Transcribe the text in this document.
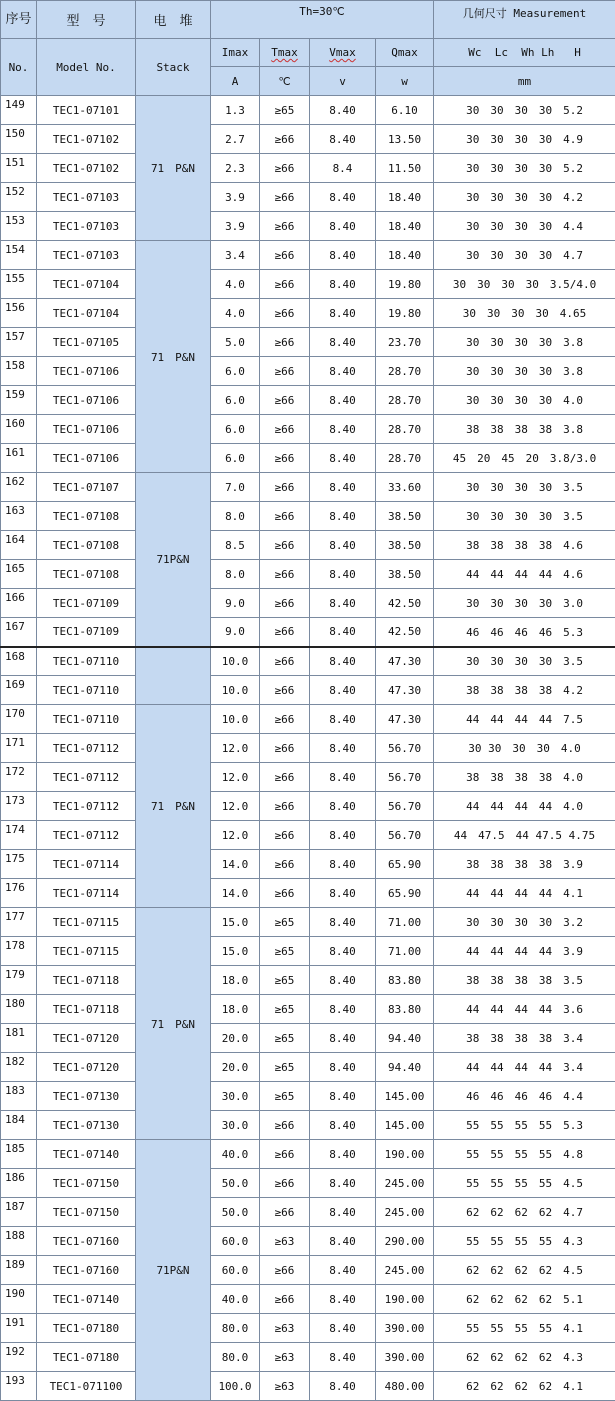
序号	型　号	电　堆	Th=30℃				几何尺寸 Measurement
No.	Model No.	Stack	Imax	Tmax	Vmax	Qmax	Wc  Lc  Wh Lh   H
			A	℃	v	w	mm
149	TEC1-07101	71　P&N	1.3	≥65	8.40	6.10	30　30　30　30　5.2
150	TEC1-07102		2.7	≥66	8.40	13.50	30　30　30　30　4.9
151	TEC1-07102		2.3	≥66	8.4	11.50	30　30　30　30　5.2
152	TEC1-07103		3.9	≥66	8.40	18.40	30　30　30　30　4.2
153	TEC1-07103		3.9	≥66	8.40	18.40	30　30　30　30　4.4
154	TEC1-07103	71　P&N	3.4	≥66	8.40	18.40	30　30　30　30　4.7
155	TEC1-07104		4.0	≥66	8.40	19.80	30　30　30　30　3.5/4.0
156	TEC1-07104		4.0	≥66	8.40	19.80	30　30　30　30　4.65
157	TEC1-07105		5.0	≥66	8.40	23.70	30　30　30　30　3.8
158	TEC1-07106		6.0	≥66	8.40	28.70	30　30　30　30　3.8
159	TEC1-07106		6.0	≥66	8.40	28.70	30　30　30　30　4.0
160	TEC1-07106		6.0	≥66	8.40	28.70	38　38　38　38　3.8
161	TEC1-07106		6.0	≥66	8.40	28.70	45　20　45　20　3.8/3.0
162	TEC1-07107	71P&N	7.0	≥66	8.40	33.60	30　30　30　30　3.5
163	TEC1-07108		8.0	≥66	8.40	38.50	30　30　30　30　3.5
164	TEC1-07108		8.5	≥66	8.40	38.50	38　38　38　38　4.6
165	TEC1-07108		8.0	≥66	8.40	38.50	44　44　44　44　4.6
166	TEC1-07109		9.0	≥66	8.40	42.50	30　30　30　30　3.0
167	TEC1-07109		9.0	≥66	8.40	42.50	46　46　46　46　5.3
168	TEC1-07110		10.0	≥66	8.40	47.30	30　30　30　30　3.5
169	TEC1-07110		10.0	≥66	8.40	47.30	38　38　38　38　4.2
170	TEC1-07110	71　P&N	10.0	≥66	8.40	47.30	44　44　44　44　7.5
171	TEC1-07112		12.0	≥66	8.40	56.70	30 30　30　30　4.0
172	TEC1-07112		12.0	≥66	8.40	56.70	38　38　38　38　4.0
173	TEC1-07112		12.0	≥66	8.40	56.70	44　44　44　44　4.0
174	TEC1-07112		12.0	≥66	8.40	56.70	44　47.5　44 47.5 4.75
175	TEC1-07114		14.0	≥66	8.40	65.90	38　38　38　38　3.9
176	TEC1-07114		14.0	≥66	8.40	65.90	44　44　44　44　4.1
177	TEC1-07115	71　P&N	15.0	≥65	8.40	71.00	30　30　30　30　3.2
178	TEC1-07115		15.0	≥65	8.40	71.00	44　44　44　44　3.9
179	TEC1-07118		18.0	≥65	8.40	83.80	38　38　38　38　3.5
180	TEC1-07118		18.0	≥65	8.40	83.80	44　44　44　44　3.6
181	TEC1-07120		20.0	≥65	8.40	94.40	38　38　38　38　3.4
182	TEC1-07120		20.0	≥65	8.40	94.40	44　44　44　44　3.4
183	TEC1-07130		30.0	≥65	8.40	145.00	46　46　46　46　4.4
184	TEC1-07130		30.0	≥66	8.40	145.00	55　55　55　55　5.3
185	TEC1-07140	71P&N	40.0	≥66	8.40	190.00	55　55　55　55　4.8
186	TEC1-07150		50.0	≥66	8.40	245.00	55　55　55　55　4.5
187	TEC1-07150		50.0	≥66	8.40	245.00	62　62　62　62　4.7
188	TEC1-07160		60.0	≥63	8.40	290.00	55　55　55　55　4.3
189	TEC1-07160		60.0	≥66	8.40	245.00	62　62　62　62　4.5
190	TEC1-07140		40.0	≥66	8.40	190.00	62　62　62　62　5.1
191	TEC1-07180		80.0	≥63	8.40	390.00	55　55　55　55　4.1
192	TEC1-07180		80.0	≥63	8.40	390.00	62　62　62　62　4.3
193	TEC1-071100		100.0	≥63	8.40	480.00	62　62　62　62　4.1
